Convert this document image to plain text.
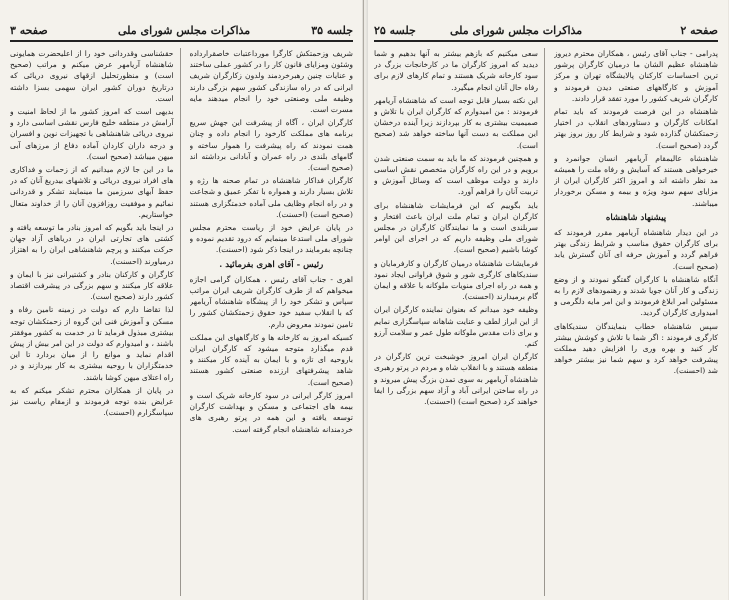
صفحه ۳	مذاکرات مجلس شورای ملی	جلسه ۳۵

شریف وزحمتکش کارگرا مورداعتبات خاصقرارداده وشئون ومزایای قانون کار را در کشور عملی ساختند و عنایات چنین رهبرخردمند ولدون زکارگران شریف ایرانی که در راه سازندگی کشور سهم بزرگی دارند وظیفه ملی وصنعتی خود را انجام میدهند مایه مسرت است.

کارگران ایران ، آگاه از پیشرفت این جهش سریع برنامه های مملکت کارخود را انجام داده و چنان همت نمودند که راه پیشرفت را هموار ساخته و گامهای بلندی در راه عمران و آبادانی برداشته اند (صحیح است).

کارگران فداکار شاهنشاه در تمام صحنه ها رژه و تلاش بسیار دارند و همواره با تفکر عمیق و شجاعت و در راه انجام وظایف ملی آماده خدمتگزاری هستند (صحیح است) (احسنت).

در پایان عرایض خود از ریاست محترم مجلس شورای ملی استدعا مینمایم که درود تقدیم نموده و چنانچه بفرمایند در اینجا ذکر شود (احسنت).

رئیس - آقای اهری بفرمائید .

اهری - جناب آقای رئیس ، همکاران گرامی اجازه میخواهم که از طرف کارگران شریف ایران مراتب سپاس و تشکر خود را از پیشگاه شاهنشاه آریامهر که با انقلاب سفید خود حقوق زحمتکشان کشور را تامین نمودند معروض دارم.

کسیکه امروز به کارخانه ها و کارگاههای این مملکت قدم میگذارد متوجه میشود که کارگران ایران باروحیه ای تازه و با ایمان به آینده کار میکنند و شاهد پیشرفتهای ارزنده صنعتی کشور هستند (صحیح است).

امروز کارگر ایرانی در سود کارخانه شریک است و بیمه های اجتماعی و مسکن و بهداشت کارگران توسعه یافته و این همه در پرتو رهبری های خردمندانه شاهنشاه انجام گرفته است.

حقشناسی وقدردانی خود را از اعلیحضرت همایونی شاهنشاه آریامهر عرض میکنم و مراتب (صحیح است) و منظورتحلیل ازقهای نیروی دریائی که درتاریخ دوران کشور ایران سهمی بسزا داشته است.

بدیهی است که امروز کشور ما از لحاظ امنیت و آرامش در منطقه خلیج فارس نقشی اساسی دارد و نیروی دریائی شاهنشاهی با تجهیزات نوین و افسران و درجه داران کاردان آماده دفاع از مرزهای آبی میهن میباشد (صحیح است).

ما در این جا لازم میدانیم که از زحمات و فداکاری های افراد نیروی دریائی و تلاشهای بیدریغ آنان که در حفظ آبهای سرزمین ما مینمایند تشکر و قدردانی نمائیم و موفقیت روزافزون آنان را از خداوند متعال خواستاریم.

در اینجا باید بگویم که امروز بنادر ما توسعه یافته و کشتی های تجارتی ایران در دریاهای آزاد جهان حرکت میکنند و پرچم شاهنشاهی ایران را به اهتزاز درمیاورند (احسنت).

کارگران و کارکنان بنادر و کشتیرانی نیز با ایمان و علاقه کار میکنند و سهم بزرگی در پیشرفت اقتصاد کشور دارند (صحیح است).

لذا تقاضا دارم که دولت در زمینه تامین رفاه و مسکن و آموزش فنی این گروه از زحمتکشان توجه بیشتری مبذول فرماید تا در خدمت به کشور موفقتر باشند ، و امیدوارم که دولت در این امر بیش از پیش اقدام نماید و موانع را از میان بردارد تا این خدمتگزاران با روحیه بیشتری به کار بپردازند و در راه اعتلای میهن کوشا باشند.

در پایان از همکاران محترم تشکر میکنم که به عرایض بنده توجه فرمودند و ازمقام ریاست نیز سپاسگزارم (احسنت).

جلسه ۲۵	مذاکرات مجلس شورای ملی	صفحه ۲

پدرامی - جناب آقای رئیس ، همکاران محترم دیروز شاهنشاه عظیم الشان ما درمیان کارگران پرشور ترین احساسات کارکنان پالایشگاه تهران و مرکز آموزش و کارگاههای صنعتی دیدن فرمودند و کارگران شریف کشور را مورد تفقد قرار دادند.

شاهنشاه در این فرصت فرمودند که باید تمام امکانات کارگران و دستاوردهای انقلاب در اختیار زحمتکشان گذارده شود و شرایط کار روز بروز بهتر گردد (صحیح است).

شاهنشاه عالیمقام آریامهر انسان جوانمرد و خیرخواهی هستند که آسایش و رفاه ملت را همیشه مد نظر داشته اند و امروز اکثر کارگران ایران از مزایای سهم سود ویژه و بیمه و مسکن برخوردار میباشند.

پیشنهاد شاهنشاه

در این دیدار شاهنشاه آریامهر مقرر فرمودند که برای کارگران حقوق مناسب و شرایط زندگی بهتر فراهم گردد و آموزش حرفه ای آنان گسترش یابد (صحیح است).

آنگاه شاهنشاه با کارگران گفتگو نمودند و از وضع زندگی و کار آنان جویا شدند و رهنمودهای لازم را به مسئولین امر ابلاغ فرمودند و این امر مایه دلگرمی و امیدواری کارگران گردید.

سپس شاهنشاه خطاب بنمایندگان سندیکاهای کارگری فرمودند : اگر شما با تلاش و کوشش بیشتر کار کنید و بهره وری را افزایش دهید مملکت پیشرفت خواهد کرد و سهم شما نیز بیشتر خواهد شد (احسنت).

سعی میکنیم که بازهم بیشتر به آنها بدهیم و شما دیدید که امروز کارگران ما در کارخانجات بزرگ در سود کارخانه شریک هستند و تمام کارهای لازم برای رفاه حال آنان انجام میگیرد.

این نکته بسیار قابل توجه است که شاهنشاه آریامهر فرمودند : من امیدوارم که کارگران ایران با تلاش و صمیمیت بیشتری به کار بپردازند زیرا آینده درخشان این مملکت به دست آنها ساخته خواهد شد (صحیح است).

و همچنین فرمودند که ما باید به سمت صنعتی شدن برویم و در این راه کارگران متخصص نقش اساسی دارند و دولت موظف است که وسائل آموزش و تربیت آنان را فراهم آورد.

باید بگوییم که این فرمایشات شاهنشاه برای کارگران ایران و تمام ملت ایران باعث افتخار و سربلندی است و ما نمایندگان کارگران در مجلس شورای ملی وظیفه داریم که در اجرای این اوامر کوشا باشیم (صحیح است).

فرمایشات شاهنشاه درمیان کارگران و کارفرمایان و سندیکاهای کارگری شور و شوق فراوانی ایجاد نمود و همه در راه اجرای منویات ملوکانه با علاقه و ایمان گام برمیدارند (احسنت).

وظیفه خود میدانم که بعنوان نماینده کارگران ایران از این ابراز لطف و عنایت شاهانه سپاسگزاری نمایم و برای ذات مقدس ملوکانه طول عمر و سلامت آرزو کنم.

کارگران ایران امروز خوشبخت ترین کارگران در منطقه هستند و با انقلاب شاه و مردم در پرتو رهبری شاهنشاه آریامهر به سوی تمدن بزرگ پیش میروند و در راه ساختن ایرانی آباد و آزاد سهم بزرگی را ایفا خواهند کرد (صحیح است) (احسنت).
